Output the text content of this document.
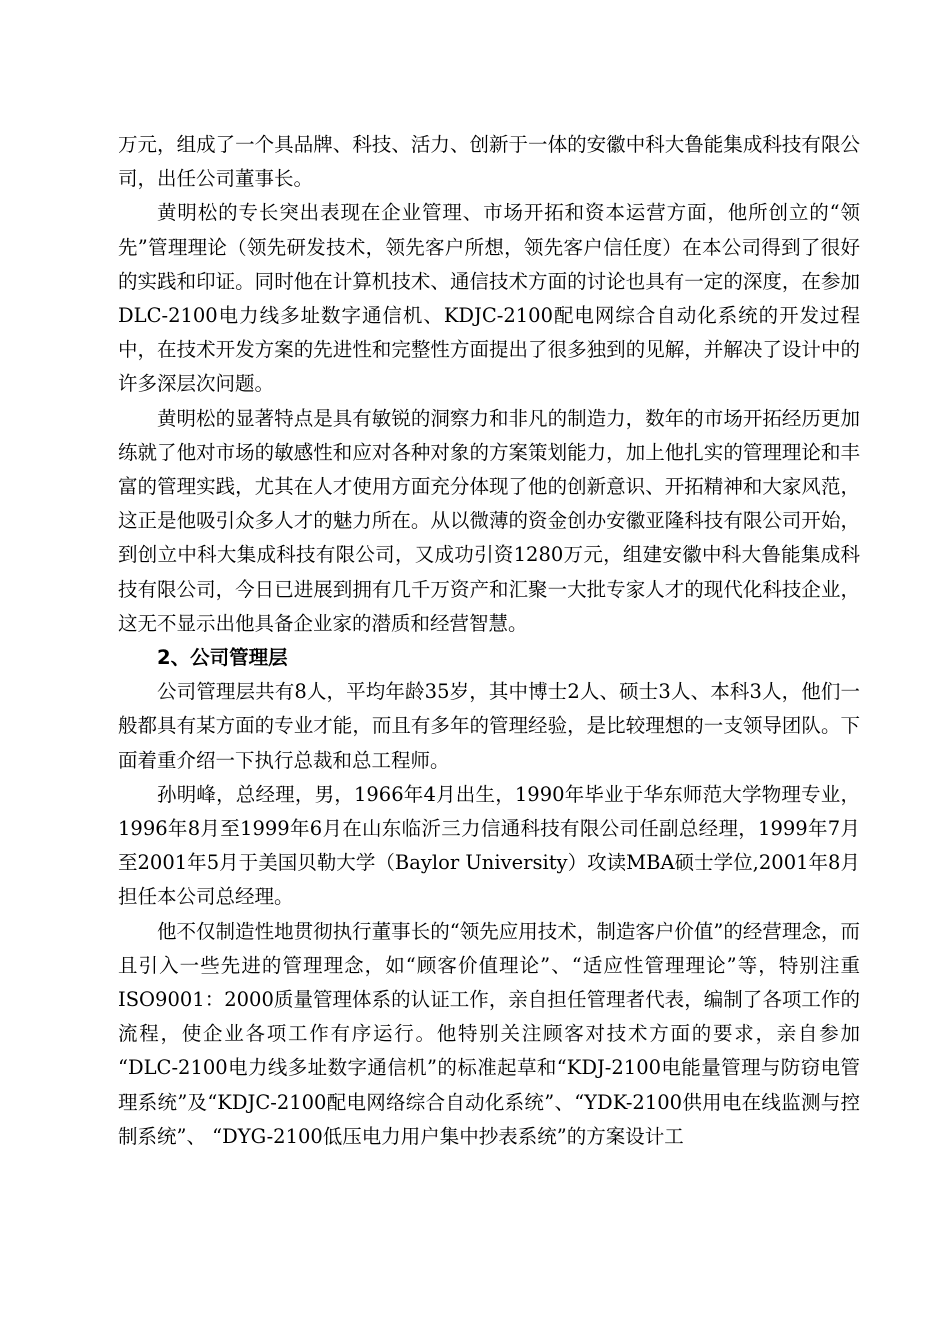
万元，组成了一个具品牌、科技、活力、创新于一体的安徽中科大鲁能集成科技有限公司，出任公司董事长。

黄明松的专长突出表现在企业管理、市场开拓和资本运营方面，他所创立的“领先”管理理论（领先研发技术，领先客户所想，领先客户信任度）在本公司得到了很好的实践和印证。同时他在计算机技术、通信技术方面的讨论也具有一定的深度，在参加DLC-2100电力线多址数字通信机、KDJC-2100配电网综合自动化系统的开发过程中，在技术开发方案的先进性和完整性方面提出了很多独到的见解，并解决了设计中的许多深层次问题。

黄明松的显著特点是具有敏锐的洞察力和非凡的制造力，数年的市场开拓经历更加练就了他对市场的敏感性和应对各种对象的方案策划能力，加上他扎实的管理理论和丰富的管理实践，尤其在人才使用方面充分体现了他的创新意识、开拓精神和大家风范，这正是他吸引众多人才的魅力所在。从以微薄的资金创办安徽亚隆科技有限公司开始，到创立中科大集成科技有限公司，又成功引资1280万元，组建安徽中科大鲁能集成科技有限公司，今日已进展到拥有几千万资产和汇聚一大批专家人才的现代化科技企业，这无不显示出他具备企业家的潜质和经营智慧。

2、公司管理层

公司管理层共有8人，平均年龄35岁，其中博士2人、硕士3人、本科3人，他们一般都具有某方面的专业才能，而且有多年的管理经验，是比较理想的一支领导团队。下面着重介绍一下执行总裁和总工程师。

孙明峰，总经理，男，1966年4月出生，1990年毕业于华东师范大学物理专业，1996年8月至1999年6月在山东临沂三力信通科技有限公司任副总经理，1999年7月至2001年5月于美国贝勒大学（Baylor University）攻读MBA硕士学位,2001年8月担任本公司总经理。

他不仅制造性地贯彻执行董事长的“领先应用技术，制造客户价值”的经营理念，而且引入一些先进的管理理念，如“顾客价值理论”、“适应性管理理论”等，特别注重ISO9001：2000质量管理体系的认证工作，亲自担任管理者代表，编制了各项工作的流程，使企业各项工作有序运行。他特别关注顾客对技术方面的要求，亲自参加 “DLC-2100电力线多址数字通信机”的标准起草和“KDJ-2100电能量管理与防窃电管理系统”及“KDJC-2100配电网络综合自动化系统”、“YDK-2100供用电在线监测与控制系统”、 “DYG-2100低压电力用户集中抄表系统”的方案设计工
